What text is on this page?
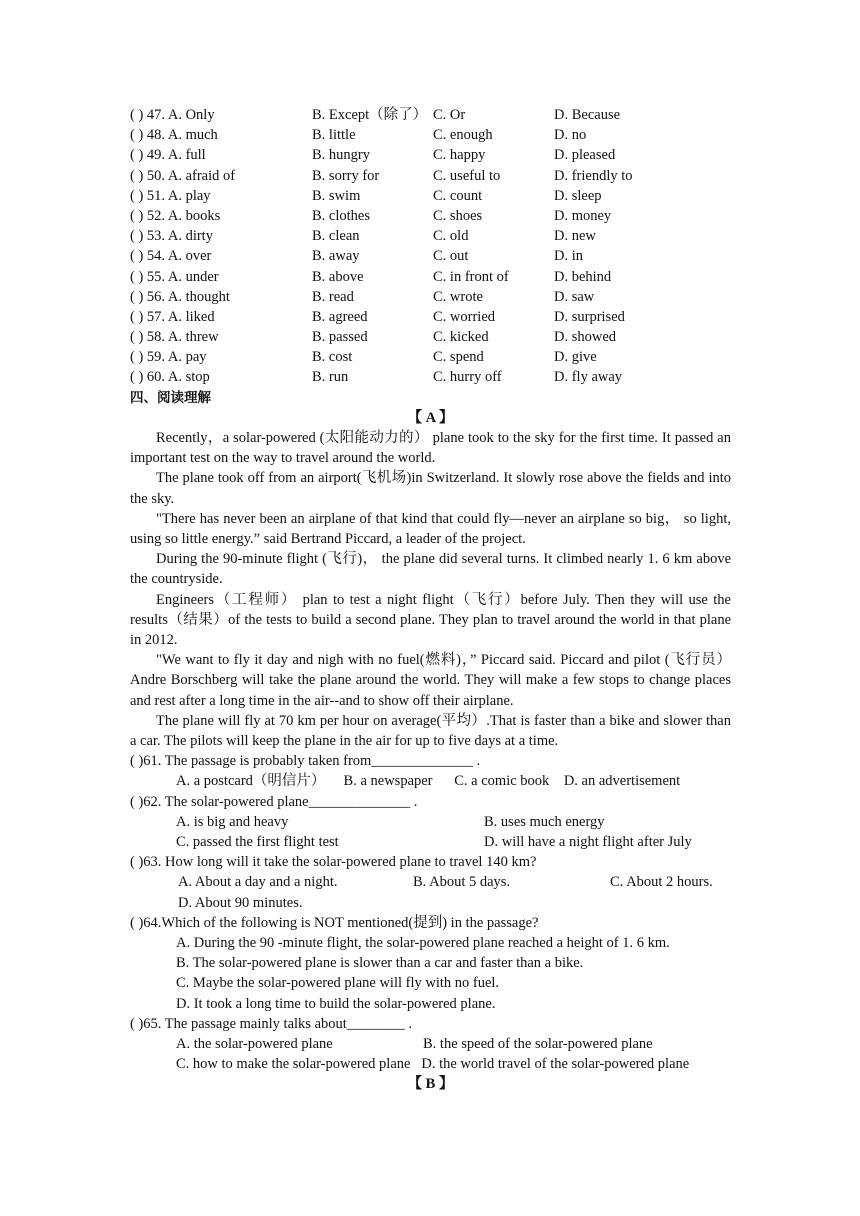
( ) 47. A. Only	B. Except（除了） C. Or	D. Because
( ) 48. A. much	B. little	C. enough	D. no
( ) 49. A. full	B. hungry	C. happy	D. pleased
( ) 50. A. afraid of	B. sorry for	C. useful to	D. friendly to
( ) 51. A. play	B. swim	C. count	D. sleep
( ) 52. A. books	B. clothes	C. shoes	D. money
( ) 53. A. dirty	B. clean	C. old	D. new
( ) 54. A. over	B. away	C. out	D. in
( ) 55. A. under	B. above	C. in front of	D. behind
( ) 56. A. thought	B. read	C. wrote	D. saw
( ) 57. A. liked	B. agreed	C. worried	D. surprised
( ) 58. A. threw	B. passed	C. kicked	D. showed
( ) 59. A. pay	B. cost	C. spend	D. give
( ) 60. A. stop	B. run	C. hurry off	D. fly away
四、阅读理解
【 A 】

Recently，a solar-powered (太阳能动力的） plane took to the sky for the first time. It passed an important test on the way to travel around the world.

The plane took off from an airport(飞机场)in Switzerland. It slowly rose above the fields and into the sky.

"There has never been an airplane of that kind that could fly—never an airplane so big， so light, using so little energy.” said Bertrand Piccard, a leader of the project.

During the 90-minute flight (飞行)， the plane did several turns. It climbed nearly 1. 6 km above the countryside.

Engineers（工程师） plan to test a night flight（飞行）before July. Then they will use the results（结果）of the tests to build a second plane. They plan to travel around the world in that plane in 2012.

"We want to fly it day and nigh with no fuel(燃料)，” Piccard said. Piccard and pilot (飞行员）Andre Borschberg will take the plane around the world. They will make a few stops to change places and rest after a long time in the air--and to show off their airplane.

The plane will fly at 70 km per hour on average(平均）.That is faster than a bike and slower than a car. The pilots will keep the plane in the air for up to five days at a time.

( )61. The passage is probably taken from______________ .
A. a postcard（明信片） B. a newspaper C. a comic book D. an advertisement
( )62. The solar-powered plane______________ .
A. is big and heavy	B. uses much energy
C. passed the first flight test	D. will have a night flight after July
( )63. How long will it take the solar-powered plane to travel 140 km?
A. About a day and a night.	B. About 5 days.	C. About 2 hours.
D. About 90 minutes.
( )64.Which of the following is NOT mentioned(提到) in the passage?
A. During the 90 -minute flight, the solar-powered plane reached a height of 1. 6 km.
B. The solar-powered plane is slower than a car and faster than a bike.
C. Maybe the solar-powered plane will fly with no fuel.
D. It took a long time to build the solar-powered plane.
( )65. The passage mainly talks about________ .
A. the solar-powered plane	B. the speed of the solar-powered plane
C. how to make the solar-powered plane D. the world travel of the solar-powered plane
【 B 】
